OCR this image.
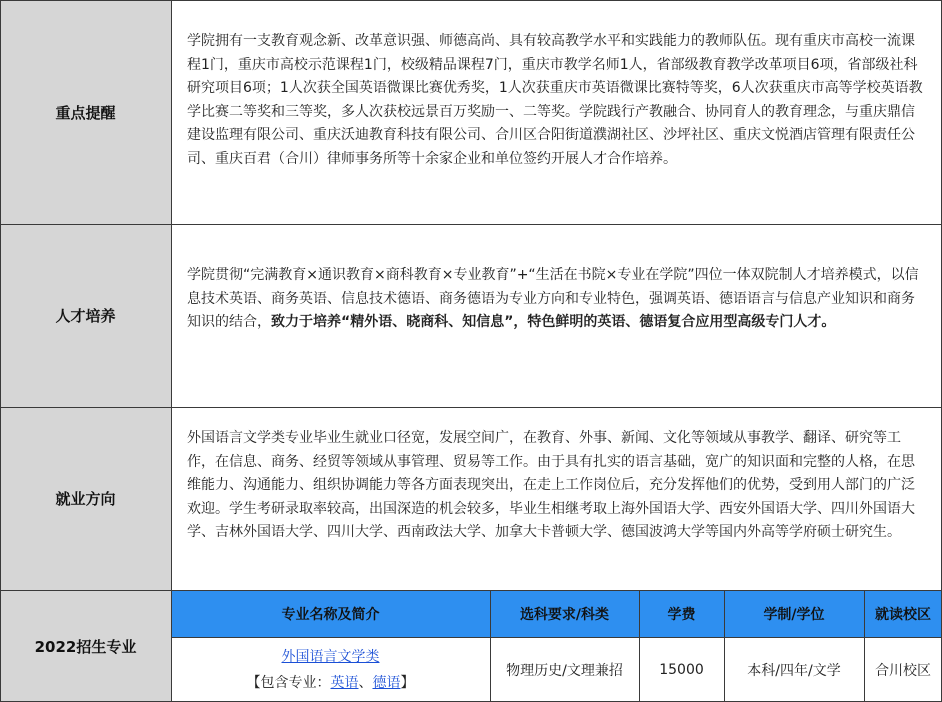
重点提醒

学院拥有一支教育观念新、改革意识强、师德高尚、具有较高教学水平和实践能力的教师队伍。现有重庆市高校一流课程1门，重庆市高校示范课程1门，校级精品课程7门，重庆市教学名师1人，省部级教育教学改革项目6项，省部级社科研究项目6项；1人次获全国英语微课比赛优秀奖，1人次获重庆市英语微课比赛特等奖，6人次获重庆市高等学校英语教学比赛二等奖和三等奖，多人次获校远景百万奖励一、二等奖。学院践行产教融合、协同育人的教育理念，与重庆鼎信建设监理有限公司、重庆沃迪教育科技有限公司、合川区合阳街道濮湖社区、沙坪社区、重庆文悦酒店管理有限责任公司、重庆百君（合川）律师事务所等十余家企业和单位签约开展人才合作培养。

人才培养

学院贯彻“完满教育×通识教育×商科教育×专业教育”+“生活在书院×专业在学院”四位一体双院制人才培养模式，以信息技术英语、商务英语、信息技术德语、商务德语为专业方向和专业特色，强调英语、德语语言与信息产业知识和商务知识的结合，致力于培养“精外语、晓商科、知信息”，特色鲜明的英语、德语复合应用型高级专门人才。

就业方向

外国语言文学类专业毕业生就业口径宽，发展空间广，在教育、外事、新闻、文化等领域从事教学、翻译、研究等工作，在信息、商务、经贸等领域从事管理、贸易等工作。由于具有扎实的语言基础，宽广的知识面和完整的人格，在思维能力、沟通能力、组织协调能力等各方面表现突出，在走上工作岗位后，充分发挥他们的优势，受到用人部门的广泛欢迎。学生考研录取率较高，出国深造的机会较多，毕业生相继考取上海外国语大学、西安外国语大学、四川外国语大学、吉林外国语大学、四川大学、西南政法大学、加拿大卡普顿大学、德国波鸿大学等国内外高等学府硕士研究生。

2022招生专业
专业名称及简介	选科要求/科类	学费	学制/学位	就读校区
外国语言文学类
【包含专业：英语、德语】
物理历史/文理兼招	15000	本科/四年/文学 合川校区
